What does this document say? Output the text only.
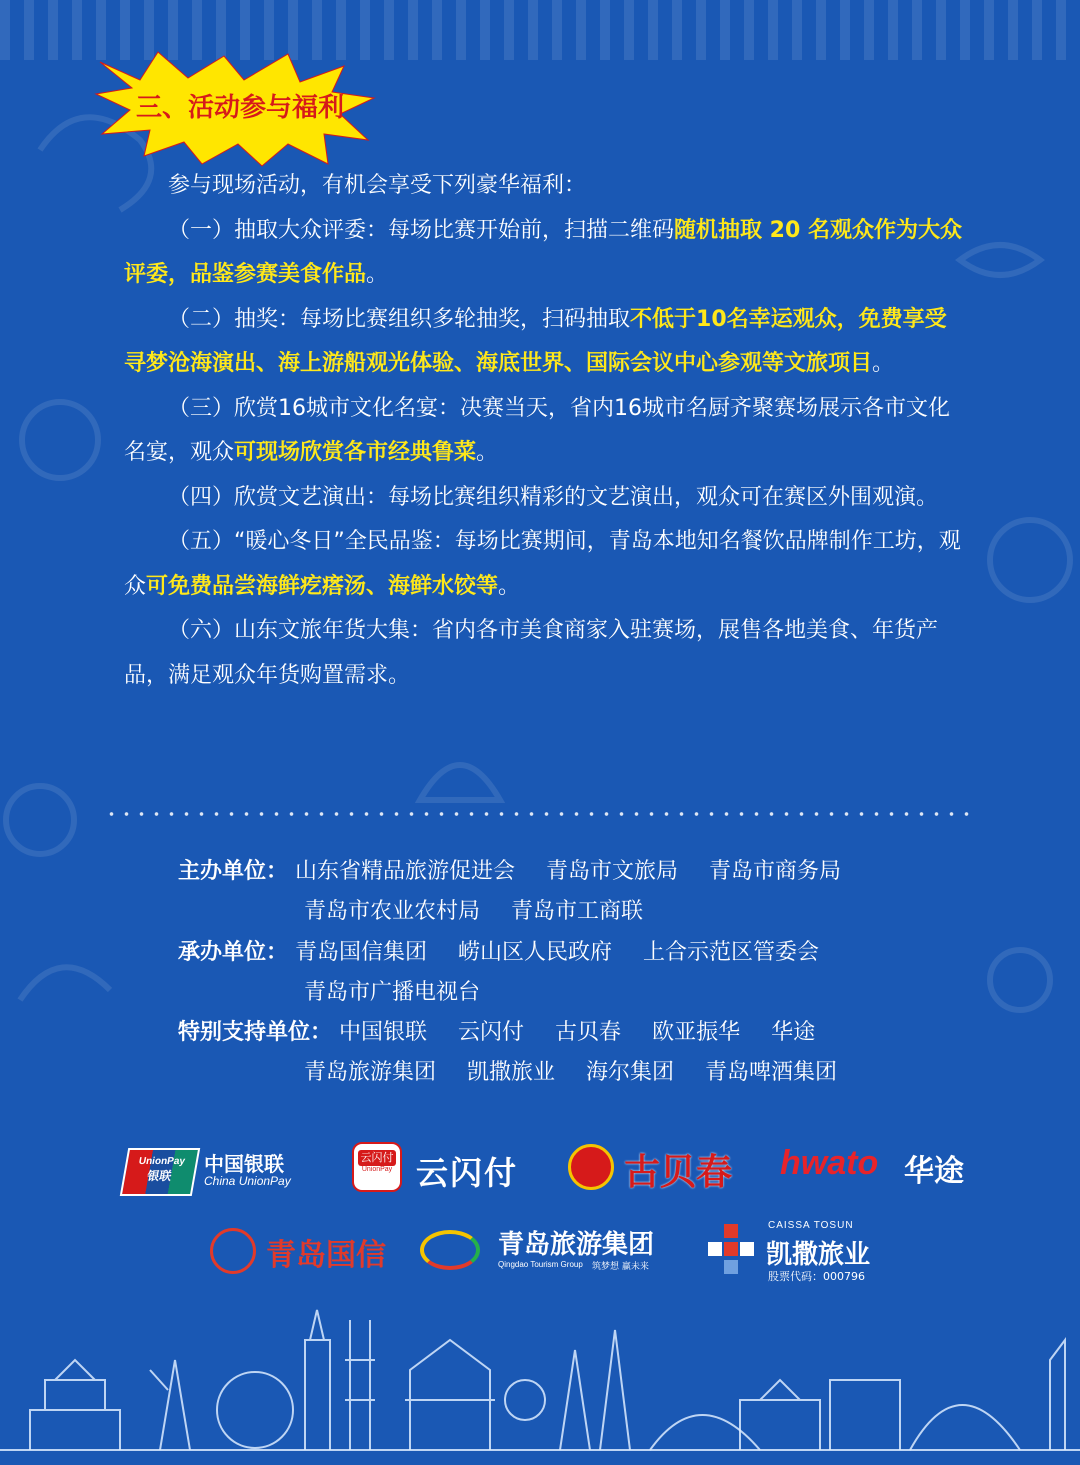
三、活动参与福利

参与现场活动，有机会享受下列豪华福利：

（一）抽取大众评委：每场比赛开始前，扫描二维码随机抽取 20 名观众作为大众评委，品鉴参赛美食作品。

（二）抽奖：每场比赛组织多轮抽奖，扫码抽取不低于10名幸运观众，免费享受寻梦沧海演出、海上游船观光体验、海底世界、国际会议中心参观等文旅项目。

（三）欣赏16城市文化名宴：决赛当天，省内16城市名厨齐聚赛场展示各市文化名宴，观众可现场欣赏各市经典鲁菜。

（四）欣赏文艺演出：每场比赛组织精彩的文艺演出，观众可在赛区外围观演。

（五）“暖心冬日”全民品鉴：每场比赛期间，青岛本地知名餐饮品牌制作工坊，观众可免费品尝海鲜疙瘩汤、海鲜水饺等。

（六）山东文旅年货大集：省内各市美食商家入驻赛场，展售各地美食、年货产品，满足观众年货购置需求。

主办单位： 山东省精品旅游促进会 青岛市文旅局 青岛市商务局
青岛市农业农村局 青岛市工商联
承办单位： 青岛国信集团 崂山区人民政府 上合示范区管委会
青岛市广播电视台
特别支持单位： 中国银联 云闪付 古贝春 欧亚振华 华途
青岛旅游集团 凯撒旅业 海尔集团 青岛啤酒集团
UnionPay
银联	中国银联
China UnionPay
云闪付
UnionPay 云闪付	古贝春 hwato 华途
青岛国信	青岛旅游集团
Qingdao Tourism Group 筑梦想 赢未来
CAISSA TOSUN
凯撒旅业
股票代码：000796
